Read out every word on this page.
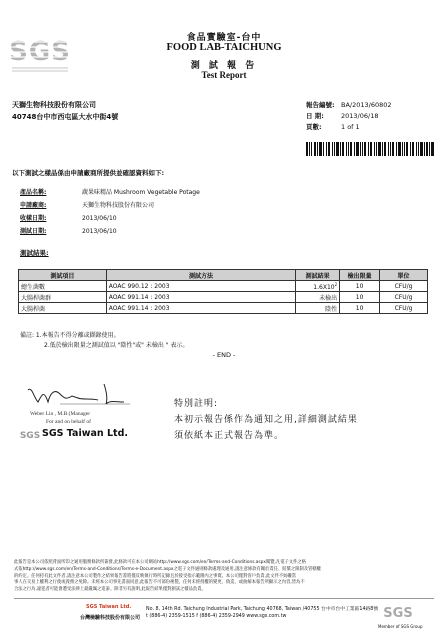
SGS	食品實驗室-台中
FOOD LAB-TAICHUNG
測 試 報 告
Test Report
天獅生物科技股份有限公司
40748台中市西屯區大水中街4號
報告編號: BA/2013/60802
日 期:	2013/06/18
頁數:	1 of 1
以下測試之樣品係由申請廠商所提供並確認資料如下:
產品名稱:	蔬果味精品 Mushroom Vegetable Potage
申請廠商:	天獅生物科技股份有限公司
收樣日期:	2013/06/10
測試日期:	2013/06/10
測試結果:
測試項目	測試方法	測試結果	檢出限量	單位
總生菌數	AOAC 990.12 : 2003	$1.6X10^2$	10	CFU/g
大腸桿菌群	AOAC 991.14 : 2003	未檢出	10	CFU/g
大腸桿菌	AOAC 991.14 : 2003	陰性	10	CFU/g
備註: 1.本報告不得分離或擷錄使用。
2.低於檢出限量之測試值以 "陰性"或" 未檢出 " 表示。
- END -
Weber Lin , M.B.(Manager
For and on behalf of
SGS SGS Taiwan Ltd.
特別註明:
本初示報告係作為通知之用,詳細測試結果
須依紙本正式報告為準。
此報告是本公司依照背面所印之通用服務條款所簽發,此條款可在本公司網站http://www.sgs.com/en/Terms-and-Conditions.aspx閱覽,凡電子文件之格
式依http://www.sgs.com/en/Terms-and-Conditions/Terms-e-Document.aspx之電子文件通則條款處理及通用,請注意條款有關於責任、賠償之限制及管轄權
的約定。任何持有此文件者,請注意本公司製作之結果報告書將僅反映執行時所記錄且於接受指示範圍內之事實。本公司僅對客戶負責,此文件不妨礙當
事人在交易上權利之行使或義務之免除。未經本公司事先書面同意,此報告不可部份複製。任何未經授權的變更、偽造、或曲解本報告所顯示之內容,皆為不
合法之行為,違犯者可能會遭受法律上最嚴厲之追訴。除非另有說明,此報告結果僅對測試之樣品負責。
SGS Taiwan Ltd.
台灣檢驗科技股份有限公司
No. 8, 14th Rd. Taichung Industrial Park, Taichung 40768, Taiwan /40755 台中市台中工業區14路8號
t (886-4) 2359-1515 f (886-4) 2359-2949 www.sgs.com.tw	SGS
Member of SGS Group
